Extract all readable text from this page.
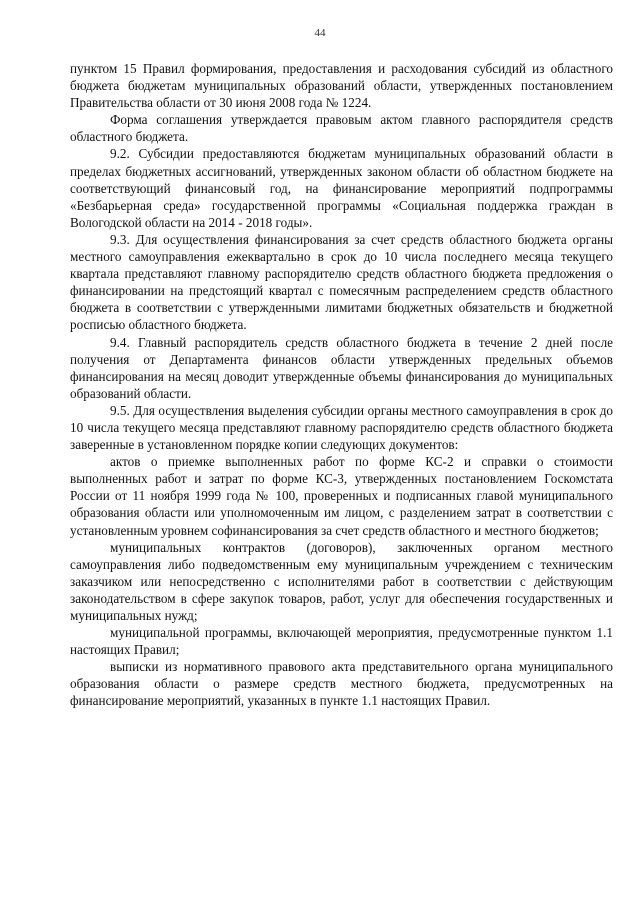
44

пунктом 15 Правил формирования, предоставления и расходования субсидий из областного бюджета бюджетам муниципальных образований области, утвержденных постановлением Правительства области от 30 июня 2008 года № 1224.

Форма соглашения утверждается правовым актом главного распорядителя средств областного бюджета.

9.2. Субсидии предоставляются бюджетам муниципальных образований области в пределах бюджетных ассигнований, утвержденных законом области об областном бюджете на соответствующий финансовый год, на финансирование мероприятий подпрограммы «Безбарьерная среда» государственной программы «Социальная поддержка граждан в Вологодской области на 2014 - 2018 годы».

9.3. Для осуществления финансирования за счет средств областного бюджета органы местного самоуправления ежеквартально в срок до 10 числа последнего месяца текущего квартала представляют главному распорядителю средств областного бюджета предложения о финансировании на предстоящий квартал с помесячным распределением средств областного бюджета в соответствии с утвержденными лимитами бюджетных обязательств и бюджетной росписью областного бюджета.

9.4. Главный распорядитель средств областного бюджета в течение 2 дней после получения от Департамента финансов области утвержденных предельных объемов финансирования на месяц доводит утвержденные объемы финансирования до муниципальных образований области.

9.5. Для осуществления выделения субсидии органы местного самоуправления в срок до 10 числа текущего месяца представляют главному распорядителю средств областного бюджета заверенные в установленном порядке копии следующих документов:

актов о приемке выполненных работ по форме КС-2 и справки о стоимости выполненных работ и затрат по форме КС-3, утвержденных постановлением Госкомстата России от 11 ноября 1999 года № 100, проверенных и подписанных главой муниципального образования области или уполномоченным им лицом, с разделением затрат в соответствии с установленным уровнем софинансирования за счет средств областного и местного бюджетов;

муниципальных контрактов (договоров), заключенных органом местного самоуправления либо подведомственным ему муниципальным учреждением с техническим заказчиком или непосредственно с исполнителями работ в соответствии с действующим законодательством в сфере закупок товаров, работ, услуг для обеспечения государственных и муниципальных нужд;

муниципальной программы, включающей мероприятия, предусмотренные пунктом 1.1 настоящих Правил;

выписки из нормативного правового акта представительного органа муниципального образования области о размере средств местного бюджета, предусмотренных на финансирование мероприятий, указанных в пункте 1.1 настоящих Правил.
